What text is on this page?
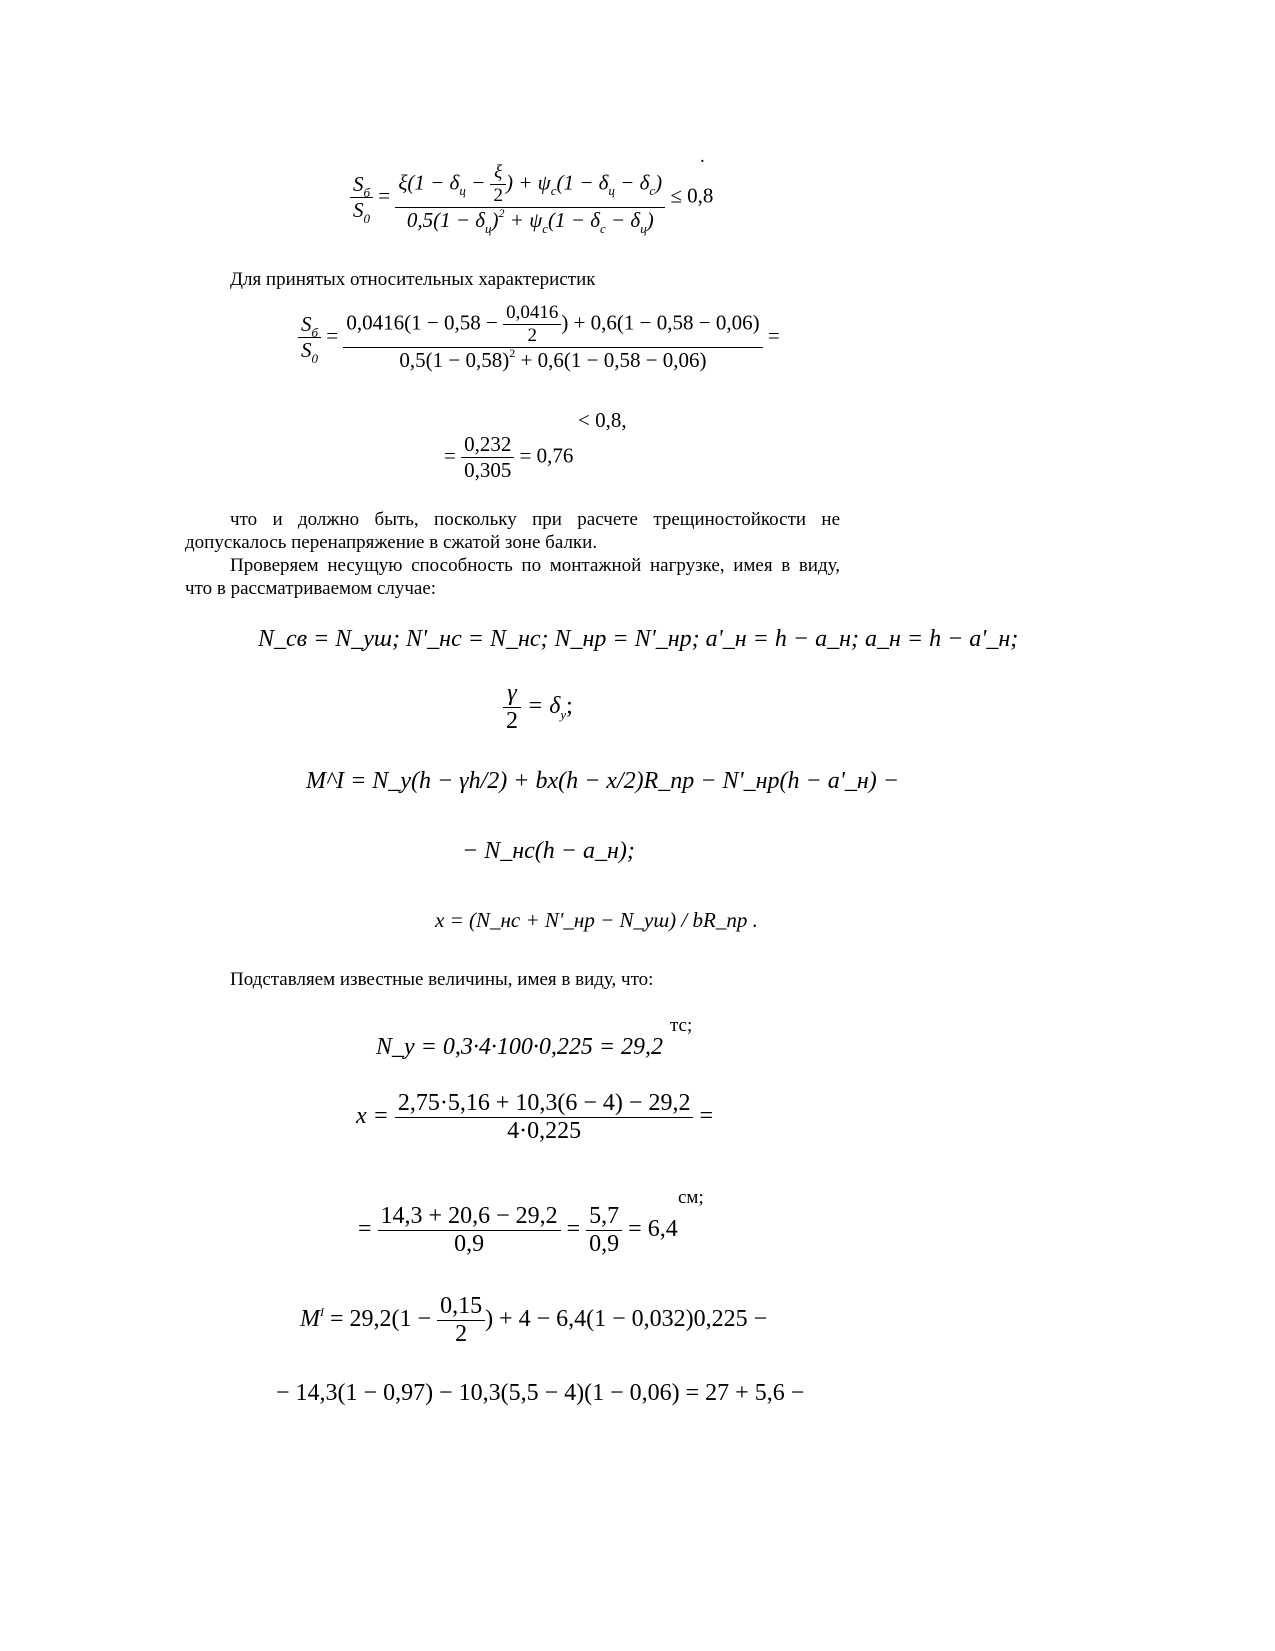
.
$\frac{S_б}{S_0}$ =
$\xi(1 - \delta_ц - \frac{\xi}{2}$ ) + $\psi_c(1 - \delta_ц - \delta_c)$
$0,5(1 - \delta_ц)^2 + \psi_c(1 - \delta_c - \delta_ц)$
≤ 0,8
Для принятых относительных характеристик
$\frac{S_б}{S_0}$ =
$0,0416(1 - 0,58 - \frac{0,0416}{2}$ ) + 0,6(1 − 0,58 − 0,06)
$0,5(1 - 0,58)^2 + 0,6(1 - 0,58 - 0,06)$
=
< 0,8,
= $\frac{0,232}{0,305} = 0,76$
что и должно быть, поскольку при расчете трещиностойкости не допускалось перенапряжение в сжатой зоне балки.
Проверяем несущую способность по монтажной нагрузке, имея в виду, что в рассматриваемом случае:
N_св = N_уш; N'_нс = N_нс; N_нр = N'_нр; a'_н = h − a_н; a_н = h − a'_н;
$\frac{\gamma}{2} = \delta_у$;
M^I = N_у(h − γh/2) + bx(h − x/2)R_пр − N'_нр(h − a'_н) −
− N_нс(h − a_н);
x = (N_нс + N'_нр − N_уш) / bR_пр .
Подставляем известные величины, имея в виду, что:
N_у = 0,3·4·100·0,225 = 29,2
тс;
$x = \frac{2,75\cdot 5,16 + 10,3(6 - 4) - 29,2}{4\cdot 0,225}$ =
см;
= $\frac{14,3 + 20,6 - 29,2}{0,9} = \frac{5,7}{0,9} = 6,4$
$M^I = 29,2(1 - \frac{0,15}{2}$ ) + 4 − 6,4(1 − 0,032)0,225 −
− 14,3(1 − 0,97) − 10,3(5,5 − 4)(1 − 0,06) = 27 + 5,6 −
